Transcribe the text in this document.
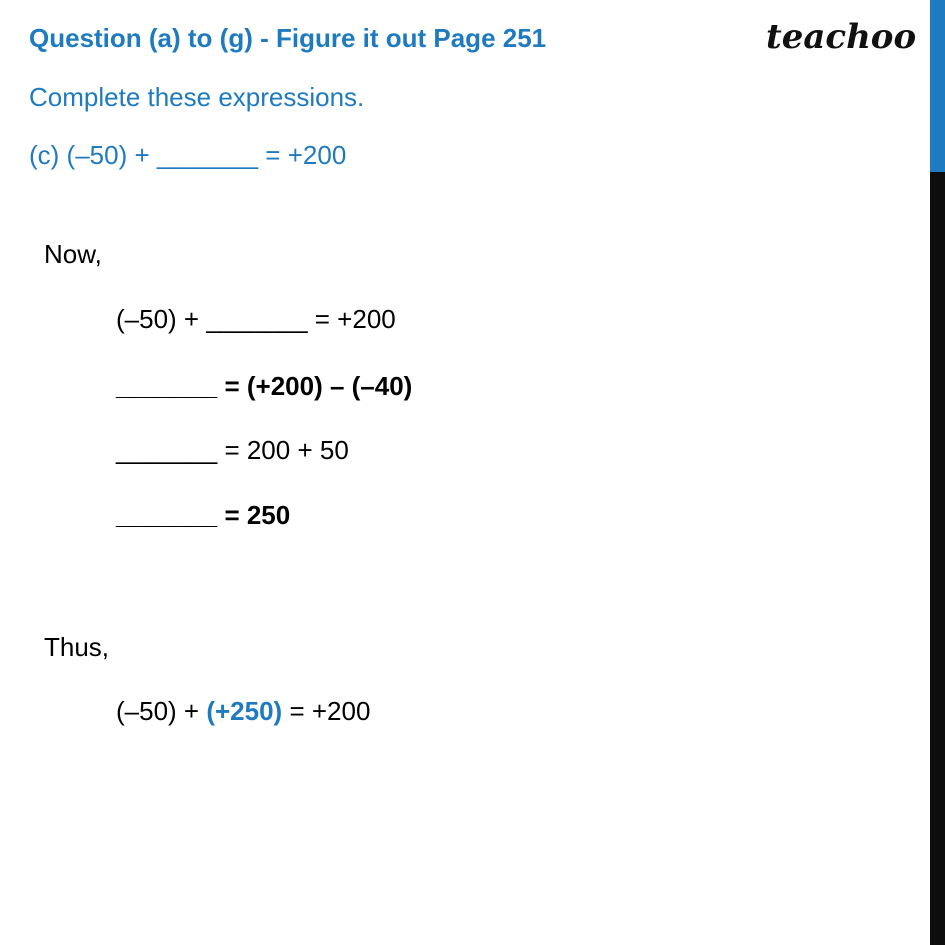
Question (a) to (g) - Figure it out Page 251	teachoo
Complete these expressions.
(c) (–50) + _______ = +200
Now,
(–50) + _______ = +200
_______ = (+200) – (–40)
_______ = 200 + 50
_______ = 250
Thus,
(–50) + (+250) = +200
